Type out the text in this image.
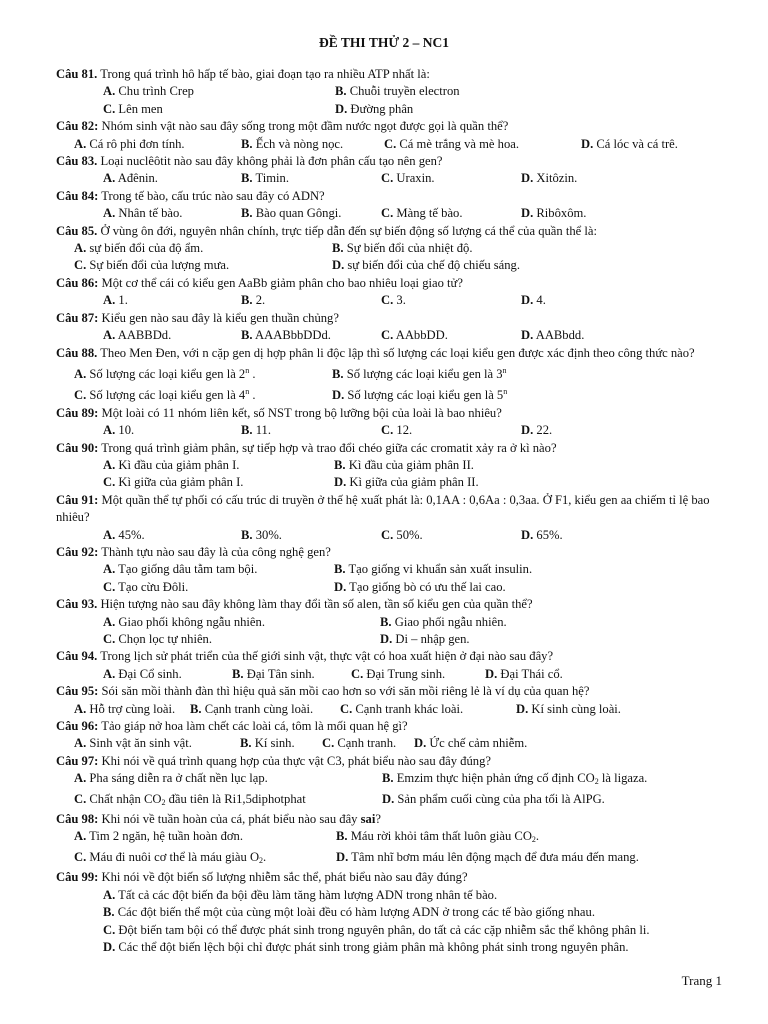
ĐỀ THI THỬ 2 – NC1

Câu 81. Trong quá trình hô hấp tế bào, giai đoạn tạo ra nhiều ATP nhất là:

A. Chu trình Crep	B. Chuỗi truyền electron
C. Lên men	D. Đường phân

Câu 82: Nhóm sinh vật nào sau đây sống trong một đầm nước ngọt được gọi là quần thể?

A. Cá rô phi đơn tính.	B. Ếch và nòng nọc.	C. Cá mè trắng và mè hoa.	D. Cá lóc và cá trê.

Câu 83. Loại nuclêôtit nào sau đây không phải là đơn phân cấu tạo nên gen?

A. Ađênin.	B. Timin.	C. Uraxin.	D. Xitôzin.

Câu 84: Trong tế bào, cấu trúc nào sau đây có ADN?

A. Nhân tế bào.	B. Bào quan Gôngi.	C. Màng tế bào.	D. Ribôxôm.

Câu 85. Ở vùng ôn đới, nguyên nhân chính, trực tiếp dẫn đến sự biến động số lượng cá thể của quần thể là:

A. sự biến đổi của độ ẩm.	B. Sự biến đổi của nhiệt độ.
C. Sự biến đổi của lượng mưa.	D. sự biến đổi của chế độ chiếu sáng.

Câu 86: Một cơ thể cái có kiểu gen AaBb giảm phân cho bao nhiêu loại giao tử?

A. 1.	B. 2.	C. 3.	D. 4.

Câu 87: Kiểu gen nào sau đây là kiểu gen thuần chủng?

A. AABBDd.	B. AAABbbDDd.	C. AAbbDD.	D. AABbdd.

Câu 88. Theo Men Đen, với n cặp gen dị hợp phân li độc lập thì số lượng các loại kiểu gen được xác định theo công thức nào?

A. Số lượng các loại kiểu gen là 2$^n$ .	B. Số lượng các loại kiểu gen là 3$^n$
C. Số lượng các loại kiểu gen là 4$^n$ .	D. Số lượng các loại kiểu gen là 5$^n$

Câu 89: Một loài có 11 nhóm liên kết, số NST trong bộ lưỡng bội của loài là bao nhiêu?

A. 10.	B. 11.	C. 12.	D. 22.

Câu 90: Trong quá trình giảm phân, sự tiếp hợp và trao đổi chéo giữa các cromatit xảy ra ở kì nào?

A. Kì đầu của giảm phân I.	B. Kì đầu của giảm phân II.
C. Kì giữa của giảm phân I.	D. Kì giữa của giảm phân II.

Câu 91: Một quần thể tự phối có cấu trúc di truyền ở thế hệ xuất phát là: 0,1AA : 0,6Aa : 0,3aa. Ở F1, kiểu gen aa chiếm tỉ lệ bao nhiêu?

A. 45%.	B. 30%.	C. 50%.	D. 65%.

Câu 92: Thành tựu nào sau đây là của công nghệ gen?

A. Tạo giống dâu tằm tam bội.	B. Tạo giống vi khuẩn sản xuất insulin.
C. Tạo cừu Đôli.	D. Tạo giống bò có ưu thế lai cao.

Câu 93. Hiện tượng nào sau đây không làm thay đổi tần số alen, tần số kiểu gen của quần thể?

A. Giao phối không ngẫu nhiên.	B. Giao phối ngẫu nhiên.
C. Chọn lọc tự nhiên.	D. Di – nhập gen.

Câu 94. Trong lịch sử phát triển của thế giới sinh vật, thực vật có hoa xuất hiện ở đại nào sau đây?

A. Đại Cổ sinh.	B. Đại Tân sinh.	C. Đại Trung sinh.	D. Đại Thái cổ.

Câu 95: Sói săn mồi thành đàn thì hiệu quả săn mồi cao hơn so với săn mồi riêng lẻ là ví dụ của quan hệ?

A. Hỗ trợ cùng loài.	B. Cạnh tranh cùng loài.	C. Cạnh tranh khác loài.	D. Kí sinh cùng loài.

Câu 96: Tảo giáp nở hoa làm chết các loài cá, tôm là mối quan hệ gì?

A. Sinh vật ăn sinh vật.	B. Kí sinh.	C. Cạnh tranh.	D. Ức chế cảm nhiễm.

Câu 97: Khi nói về quá trình quang hợp của thực vật C3, phát biểu nào sau đây đúng?

A. Pha sáng diễn ra ở chất nền lục lạp.	B. Emzim thực hiện phản ứng cố định $CO_2$ là ligaza.
C. Chất nhận $CO_2$ đầu tiên là Ri1,5diphotphat	D. Sản phẩm cuối cùng của pha tối là AlPG.

Câu 98: Khi nói về tuần hoàn của cá, phát biểu nào sau đây sai?

A. Tim 2 ngăn, hệ tuần hoàn đơn.	B. Máu rời khỏi tâm thất luôn giàu $CO_2$.
C. Máu đi nuôi cơ thể là máu giàu $O_2$.	D. Tâm nhĩ bơm máu lên động mạch để đưa máu đến mang.

Câu 99: Khi nói về đột biến số lượng nhiễm sắc thể, phát biểu nào sau đây đúng?

A. Tất cả các đột biến đa bội đều làm tăng hàm lượng ADN trong nhân tế bào.
B. Các đột biến thể một của cùng một loài đều có hàm lượng ADN ở trong các tế bào giống nhau.
C. Đột biến tam bội có thể được phát sinh trong nguyên phân, do tất cả các cặp nhiễm sắc thể không phân li.
D. Các thể đột biến lệch bội chỉ được phát sinh trong giảm phân mà không phát sinh trong nguyên phân.
Trang 1
